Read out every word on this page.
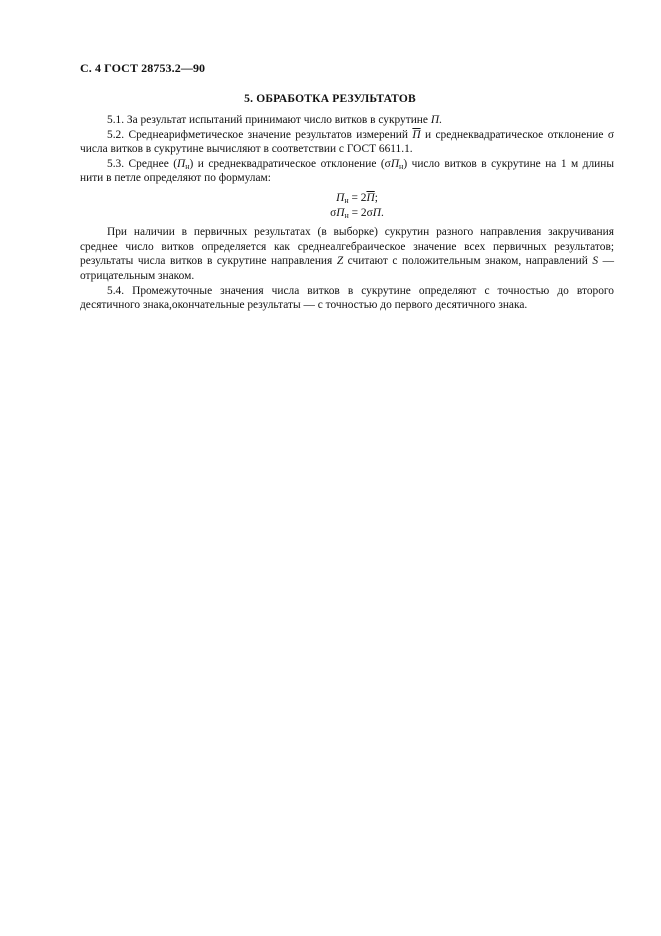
С. 4 ГОСТ 28753.2—90
5. ОБРАБОТКА РЕЗУЛЬТАТОВ

5.1. За результат испытаний принимают число витков в сукрутине П.

5.2. Среднеарифметическое значение результатов измерений П и среднеквадратическое отклонение σ числа витков в сукрутине вычисляют в соответствии с ГОСТ 6611.1.

5.3. Среднее $(П_н)$ и среднеквадратическое отклонение $(\sigma П_н)$ число витков в сукрутине на 1 м длины нити в петле определяют по формулам:

$П_н = 2П$;
$\sigma П_н = 2\sigma П$.

При наличии в первичных результатах (в выборке) сукрутин разного направления закручивания среднее число витков определяется как среднеалгебраическое значение всех первичных результатов; результаты числа витков в сукрутине направления Z считают с положительным знаком, направлений S — отрицательным знаком.

5.4. Промежуточные значения числа витков в сукрутине определяют с точностью до второго десятичного знака,окончательные результаты — с точностью до первого десятичного знака.
